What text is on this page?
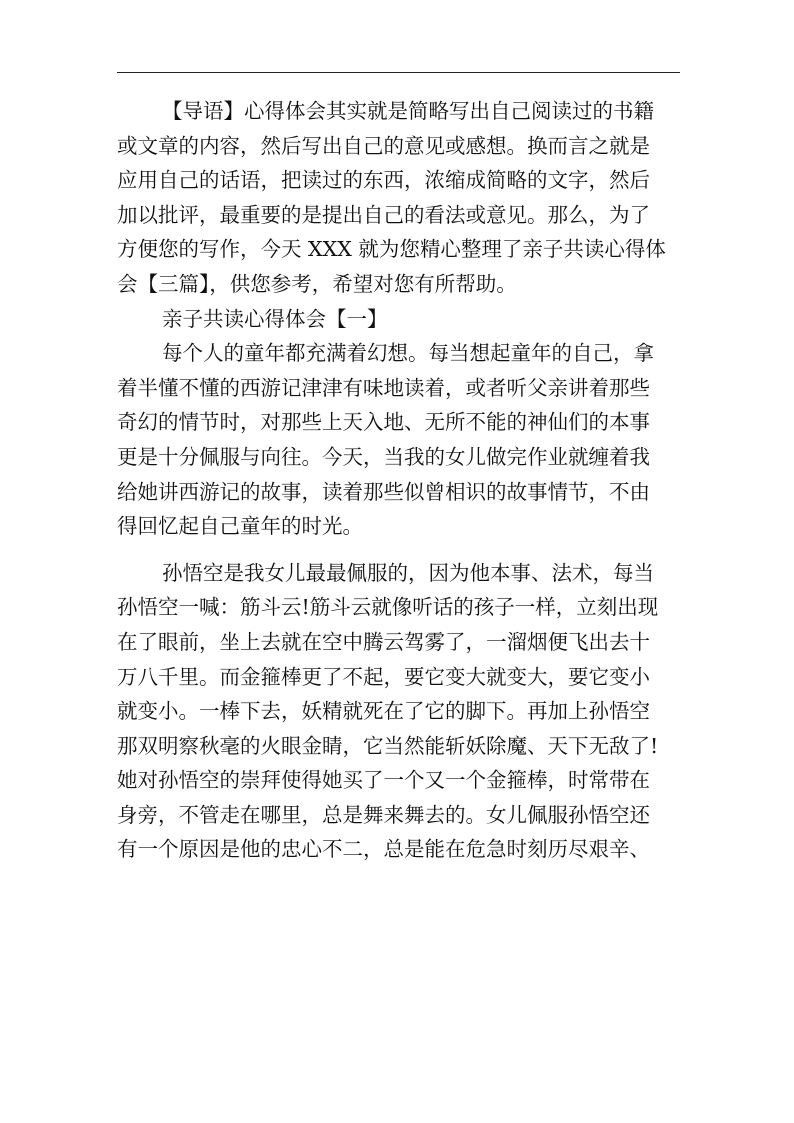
【导语】心得体会其实就是简略写出自己阅读过的书籍
或文章的内容，然后写出自己的意见或感想。换而言之就是
应用自己的话语，把读过的东西，浓缩成简略的文字，然后
加以批评，最重要的是提出自己的看法或意见。那么，为了
方便您的写作，今天 XXX 就为您精心整理了亲子共读心得体
会【三篇】，供您参考，希望对您有所帮助。
亲子共读心得体会【一】
每个人的童年都充满着幻想。每当想起童年的自己，拿
着半懂不懂的西游记津津有味地读着，或者听父亲讲着那些
奇幻的情节时，对那些上天入地、无所不能的神仙们的本事
更是十分佩服与向往。今天，当我的女儿做完作业就缠着我
给她讲西游记的故事，读着那些似曾相识的故事情节，不由
得回忆起自己童年的时光。
孙悟空是我女儿最最佩服的，因为他本事、法术，每当
孙悟空一喊：筋斗云!筋斗云就像听话的孩子一样，立刻出现
在了眼前，坐上去就在空中腾云驾雾了，一溜烟便飞出去十
万八千里。而金箍棒更了不起，要它变大就变大，要它变小
就变小。一棒下去，妖精就死在了它的脚下。再加上孙悟空
那双明察秋毫的火眼金睛，它当然能斩妖除魔、天下无敌了!
她对孙悟空的崇拜使得她买了一个又一个金箍棒，时常带在
身旁，不管走在哪里，总是舞来舞去的。女儿佩服孙悟空还
有一个原因是他的忠心不二，总是能在危急时刻历尽艰辛、
